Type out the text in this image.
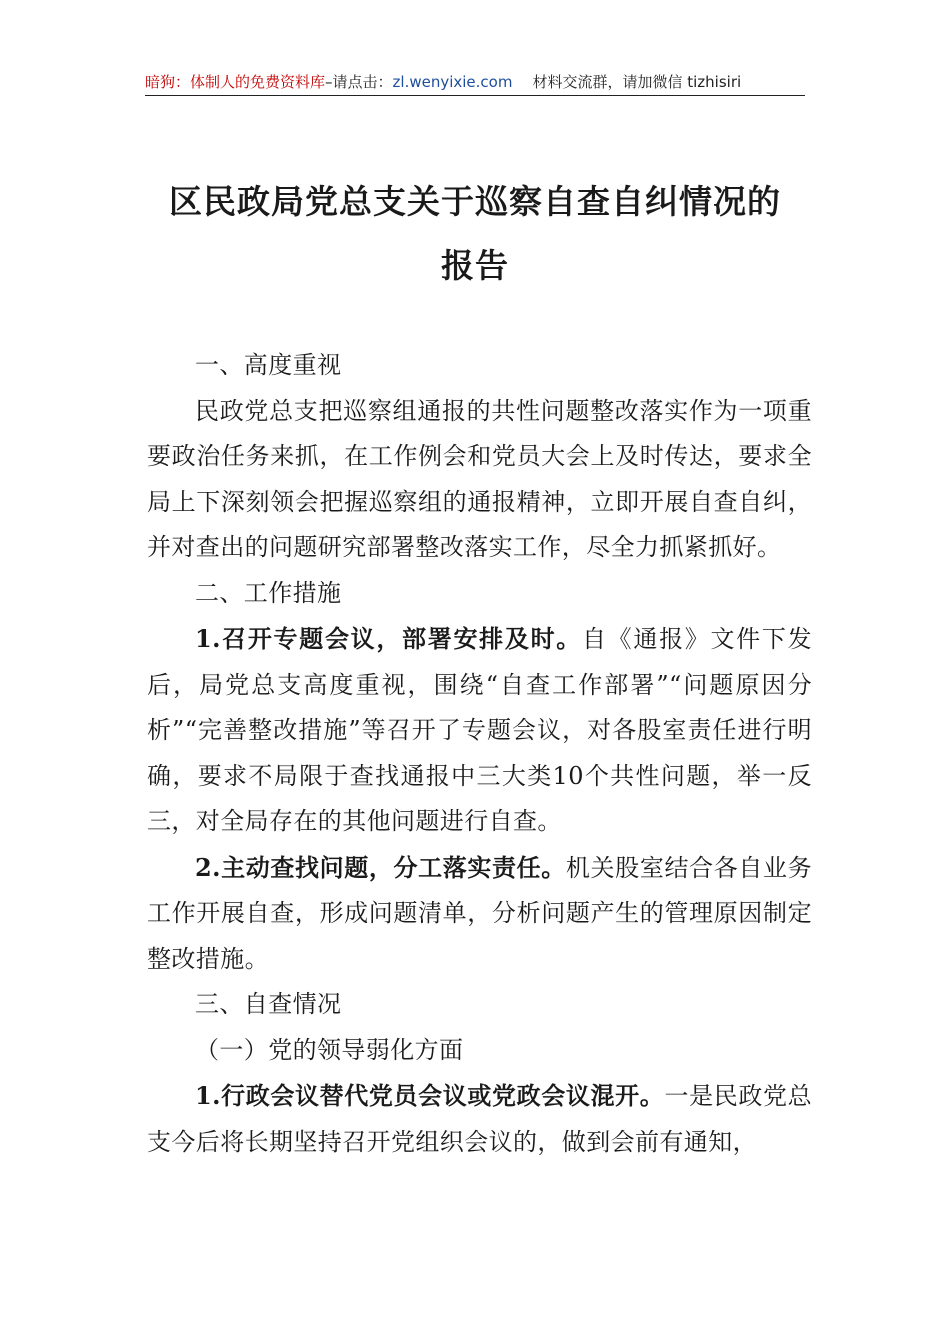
暗狗：体制人的免费资料库–请点击：zl.wenyixie.com 材料交流群，请加微信 tizhisiri
区民政局党总支关于巡察自查自纠情况的
报告

一、高度重视

民政党总支把巡察组通报的共性问题整改落实作为一项重要政治任务来抓，在工作例会和党员大会上及时传达，要求全局上下深刻领会把握巡察组的通报精神，立即开展自查自纠，并对查出的问题研究部署整改落实工作，尽全力抓紧抓好。

二、工作措施

1.召开专题会议，部署安排及时。自《通报》文件下发后，局党总支高度重视，围绕“自查工作部署”“问题原因分析”“完善整改措施”等召开了专题会议，对各股室责任进行明确，要求不局限于查找通报中三大类10个共性问题，举一反三，对全局存在的其他问题进行自查。

2.主动查找问题，分工落实责任。机关股室结合各自业务工作开展自查，形成问题清单，分析问题产生的管理原因制定整改措施。

三、自查情况

（一）党的领导弱化方面

1.行政会议替代党员会议或党政会议混开。一是民政党总支今后将长期坚持召开党组织会议的，做到会前有通知，
